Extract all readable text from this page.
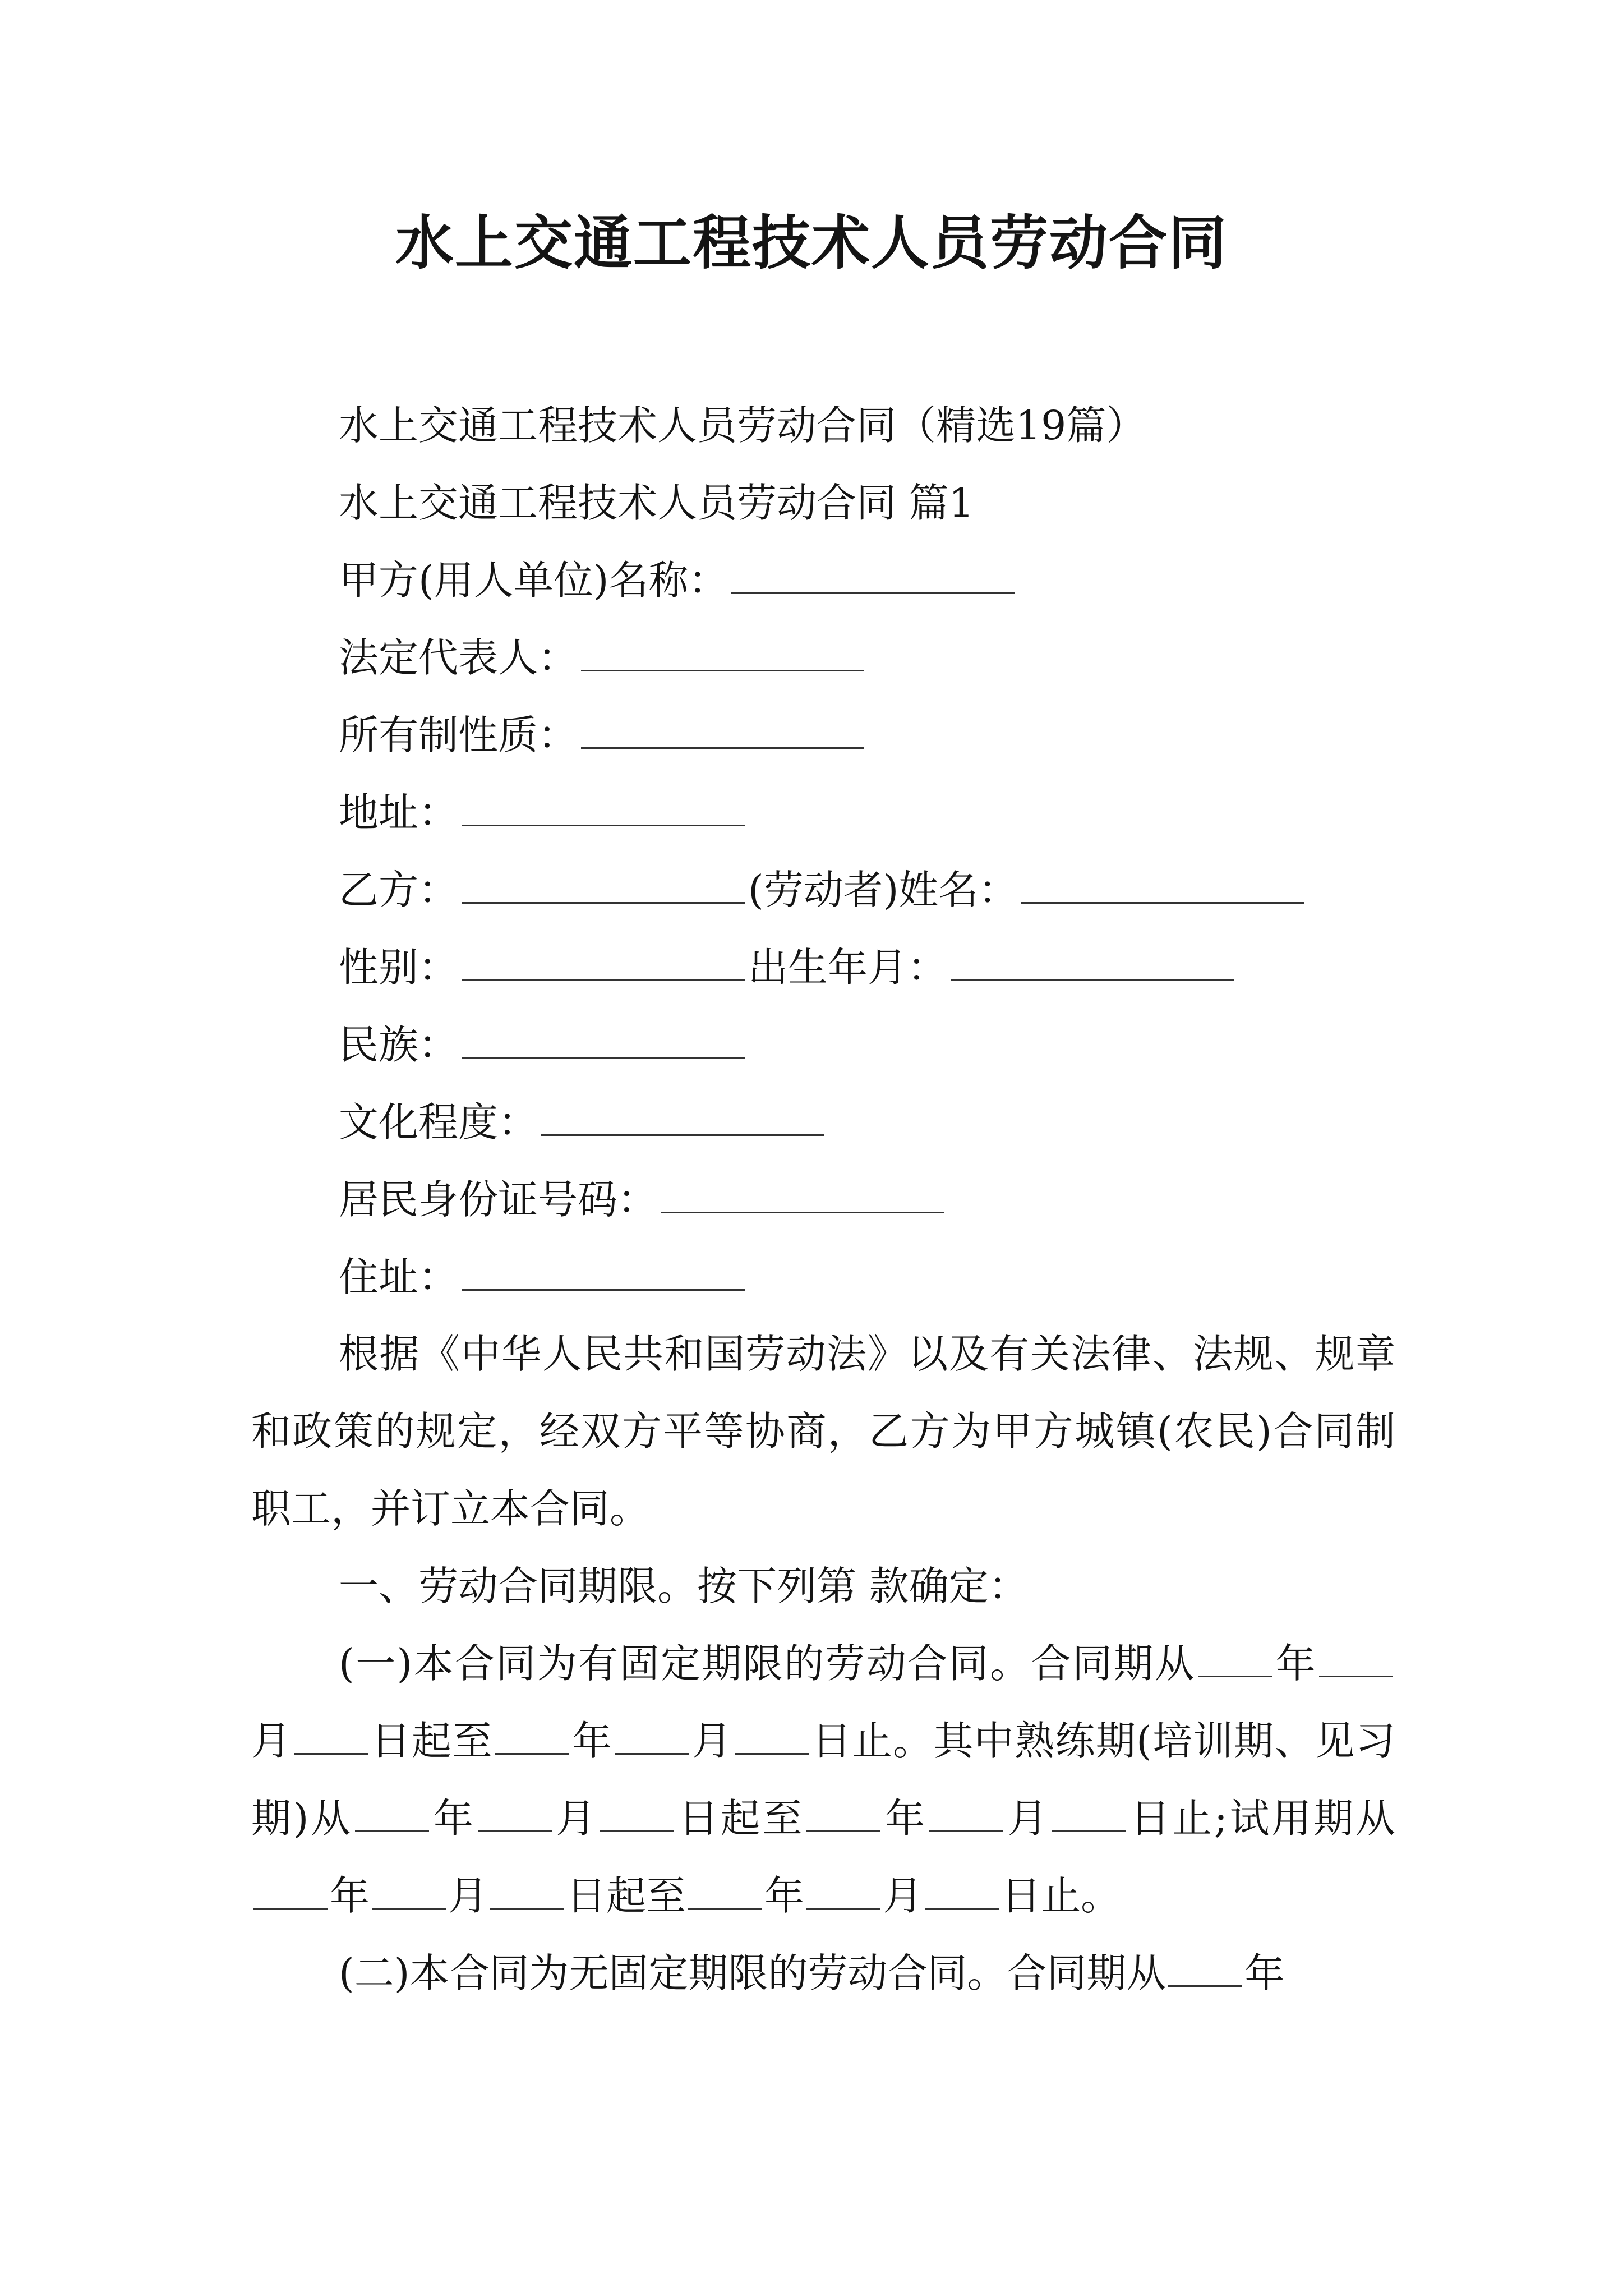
水上交通工程技术人员劳动合同

水上交通工程技术人员劳动合同（精选19篇）

水上交通工程技术人员劳动合同 篇1

甲方(用人单位)名称：

法定代表人：

所有制性质：

地址：

乙方：	(劳动者)姓名：

性别：	出生年月：

民族：

文化程度：

居民身份证号码：

住址：

根据《中华人民共和国劳动法》以及有关法律、法规、规章和政策的规定，经双方平等协商，乙方为甲方城镇(农民)合同制职工，并订立本合同。

一、劳动合同期限。按下列第 款确定：

(一)本合同为有固定期限的劳动合同。合同期从 年月 日起至 年 月 日止。其中熟练期(培训期、见习期)从 年 月 日起至 年 月 日止;试用期从年 月 日起至 年 月 日止。

(二)本合同为无固定期限的劳动合同。合同期从 年
